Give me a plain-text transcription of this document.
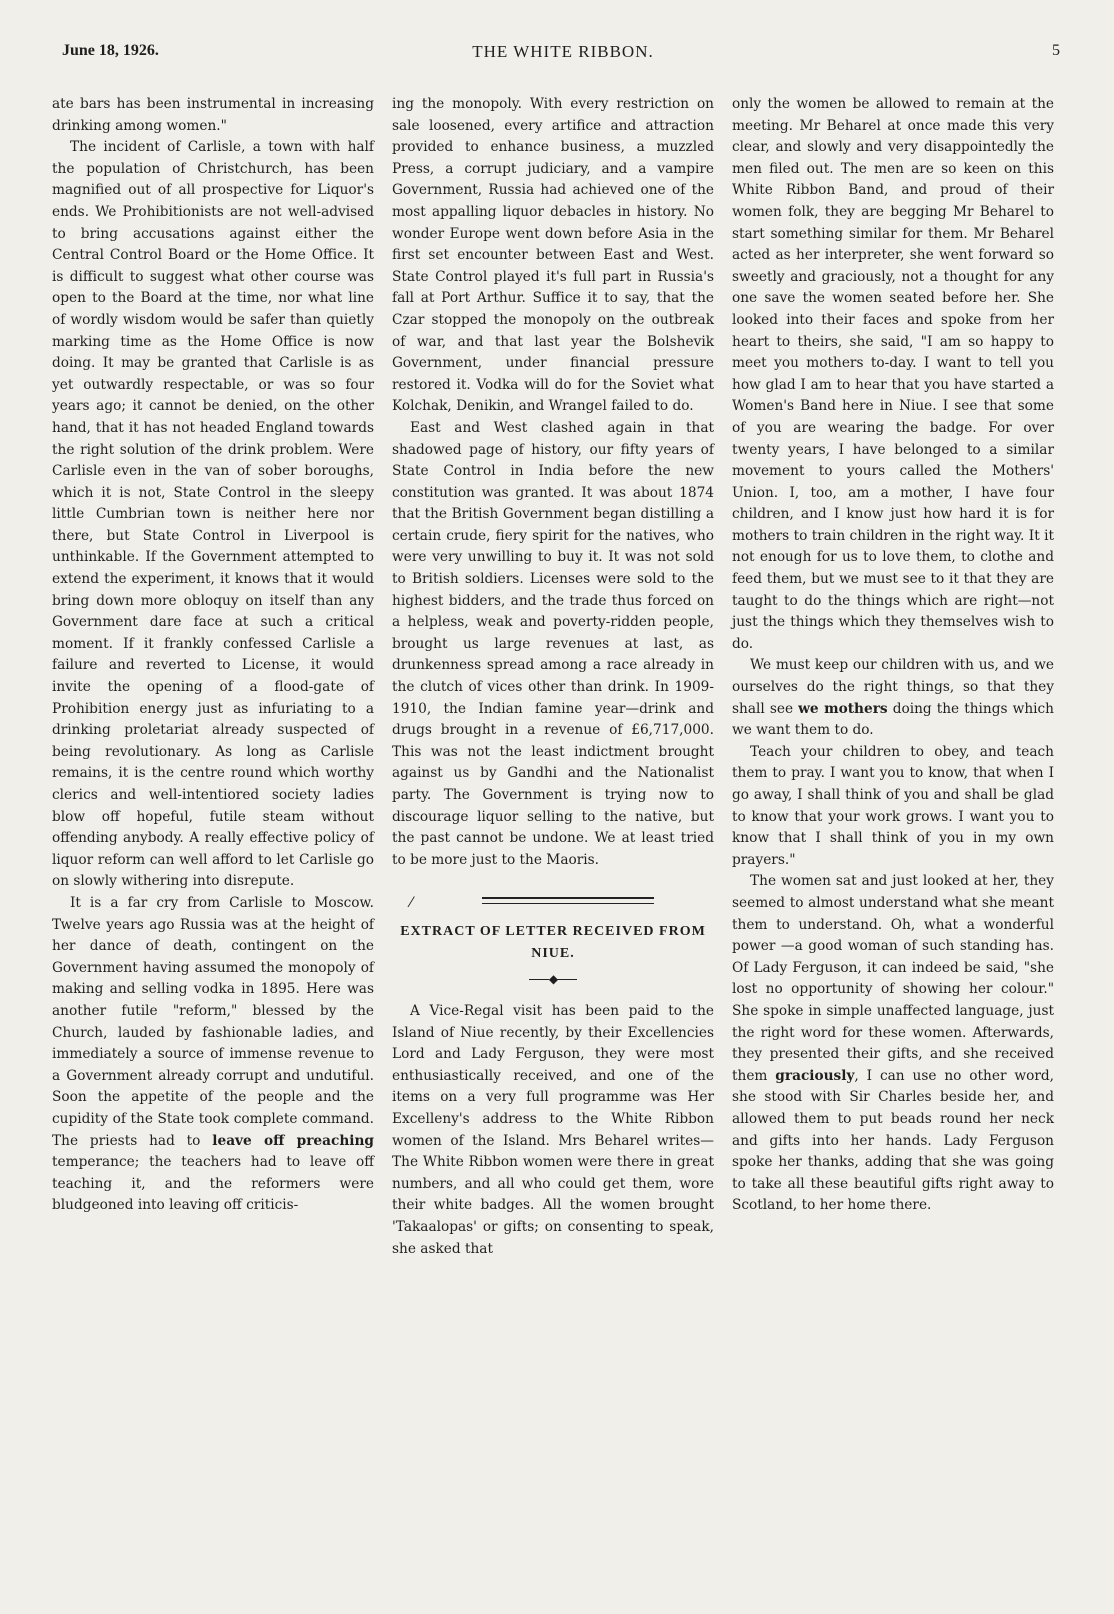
June 18, 1926.	THE WHITE RIBBON.	5

ate bars has been instrumental in increasing drinking among women."

The incident of Carlisle, a town with half the population of Christchurch, has been magnified out of all prospective for Liquor's ends. We Prohibitionists are not well-advised to bring accusations against either the Central Control Board or the Home Office. It is difficult to suggest what other course was open to the Board at the time, nor what line of wordly wisdom would be safer than quietly marking time as the Home Office is now doing. It may be granted that Carlisle is as yet outwardly respectable, or was so four years ago; it cannot be denied, on the other hand, that it has not headed England towards the right solution of the drink problem. Were Carlisle even in the van of sober boroughs, which it is not, State Control in the sleepy little Cumbrian town is neither here nor there, but State Control in Liverpool is unthinkable. If the Government attempted to extend the experiment, it knows that it would bring down more obloquy on itself than any Government dare face at such a critical moment. If it frankly confessed Carlisle a failure and reverted to License, it would invite the opening of a flood-gate of Prohibition energy just as infuriating to a drinking proletariat already suspected of being revolutionary. As long as Carlisle remains, it is the centre round which worthy clerics and well-intentiored society ladies blow off hopeful, futile steam without offending anybody. A really effective policy of liquor reform can well afford to let Carlisle go on slowly withering into disrepute.

It is a far cry from Carlisle to Moscow. Twelve years ago Russia was at the height of her dance of death, contingent on the Government having assumed the monopoly of making and selling vodka in 1895. Here was another futile "reform," blessed by the Church, lauded by fashionable ladies, and immediately a source of immense revenue to a Government already corrupt and undutiful. Soon the appetite of the people and the cupidity of the State took complete command. The priests had to leave off preaching temperance; the teachers had to leave off teaching it, and the reformers were bludgeoned into leaving off criticis-

ing the monopoly. With every restriction on sale loosened, every artifice and attraction provided to enhance business, a muzzled Press, a corrupt judiciary, and a vampire Government, Russia had achieved one of the most appalling liquor debacles in history. No wonder Europe went down before Asia in the first set encounter between East and West. State Control played it's full part in Russia's fall at Port Arthur. Suffice it to say, that the Czar stopped the monopoly on the outbreak of war, and that last year the Bolshevik Government, under financial pressure restored it. Vodka will do for the Soviet what Kolchak, Denikin, and Wrangel failed to do.

East and West clashed again in that shadowed page of history, our fifty years of State Control in India before the new constitution was granted. It was about 1874 that the British Government began distilling a certain crude, fiery spirit for the natives, who were very unwilling to buy it. It was not sold to British soldiers. Licenses were sold to the highest bidders, and the trade thus forced on a helpless, weak and poverty-ridden people, brought us large revenues at last, as drunkenness spread among a race already in the clutch of vices other than drink. In 1909-1910, the Indian famine year—drink and drugs brought in a revenue of £6,717,000. This was not the least indictment brought against us by Gandhi and the Nationalist party. The Government is trying now to discourage liquor selling to the native, but the past cannot be undone. We at least tried to be more just to the Maoris.

⁄
EXTRACT OF LETTER RECEIVED FROM NIUE.
◆

A Vice-Regal visit has been paid to the Island of Niue recently, by their Excellencies Lord and Lady Ferguson, they were most enthusiastically received, and one of the items on a very full programme was Her Excelleny's address to the White Ribbon women of the Island. Mrs Beharel writes—The White Ribbon women were there in great numbers, and all who could get them, wore their white badges. All the women brought 'Takaalopas' or gifts; on consenting to speak, she asked that

only the women be allowed to remain at the meeting. Mr Beharel at once made this very clear, and slowly and very disappointedly the men filed out. The men are so keen on this White Ribbon Band, and proud of their women folk, they are begging Mr Beharel to start something similar for them. Mr Beharel acted as her interpreter, she went forward so sweetly and graciously, not a thought for any one save the women seated before her. She looked into their faces and spoke from her heart to theirs, she said, "I am so happy to meet you mothers to-day. I want to tell you how glad I am to hear that you have started a Women's Band here in Niue. I see that some of you are wearing the badge. For over twenty years, I have belonged to a similar movement to yours called the Mothers' Union. I, too, am a mother, I have four children, and I know just how hard it is for mothers to train children in the right way. It it not enough for us to love them, to clothe and feed them, but we must see to it that they are taught to do the things which are right—not just the things which they themselves wish to do.

We must keep our children with us, and we ourselves do the right things, so that they shall see we mothers doing the things which we want them to do.

Teach your children to obey, and teach them to pray. I want you to know, that when I go away, I shall think of you and shall be glad to know that your work grows. I want you to know that I shall think of you in my own prayers."

The women sat and just looked at her, they seemed to almost understand what she meant them to understand. Oh, what a wonderful power —a good woman of such standing has. Of Lady Ferguson, it can indeed be said, "she lost no opportunity of showing her colour." She spoke in simple unaffected language, just the right word for these women. Afterwards, they presented their gifts, and she received them graciously, I can use no other word, she stood with Sir Charles beside her, and allowed them to put beads round her neck and gifts into her hands. Lady Ferguson spoke her thanks, adding that she was going to take all these beautiful gifts right away to Scotland, to her home there.
